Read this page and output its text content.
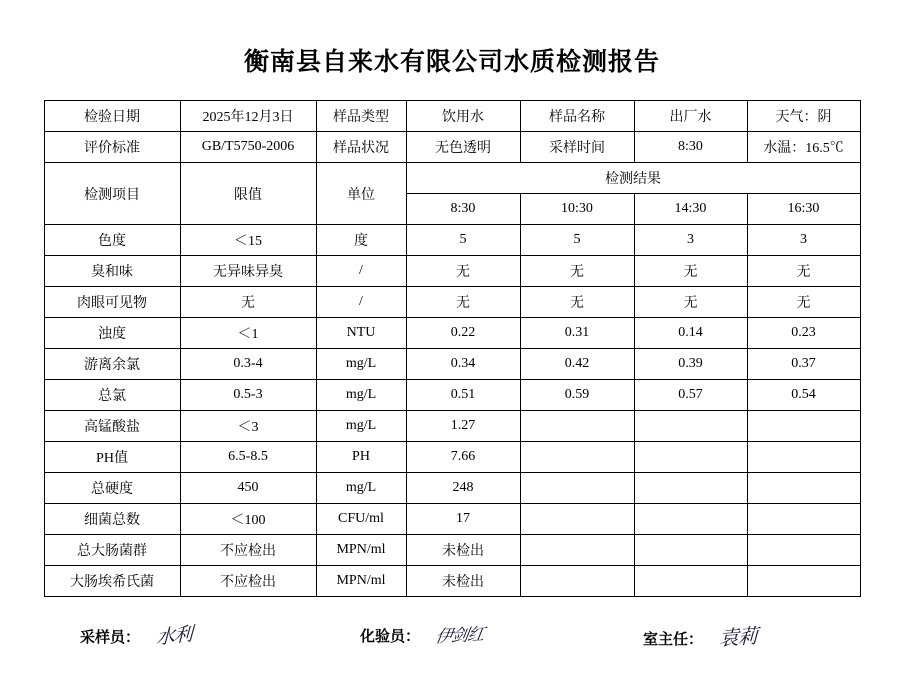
衡南县自来水有限公司水质检测报告
检验日期	2025年12月3日	样品类型	饮用水	样品名称	出厂水	天气：阴
评价标准	GB/T5750-2006	样品状况	无色透明	采样时间	8:30	水温：16.5℃
检测项目	限值	单位	检测结果			
			8:30	10:30	14:30	16:30
色度	＜15	度	5	5	3	3
臭和味	无异味异臭	/	无	无	无	无
肉眼可见物	无	/	无	无	无	无
浊度	＜1	NTU	0.22	0.31	0.14	0.23
游离余氯	0.3-4	mg/L	0.34	0.42	0.39	0.37
总氯	0.5-3	mg/L	0.51	0.59	0.57	0.54
高锰酸盐	＜3	mg/L	1.27			
PH值	6.5-8.5	PH	7.66			
总硬度	450	mg/L	248			
细菌总数	＜100	CFU/ml	17			
总大肠菌群	不应检出	MPN/ml	未检出			
大肠埃希氏菌	不应检出	MPN/ml	未检出			
采样员： 水利	化验员： 伊剑红	室主任： 袁莉
